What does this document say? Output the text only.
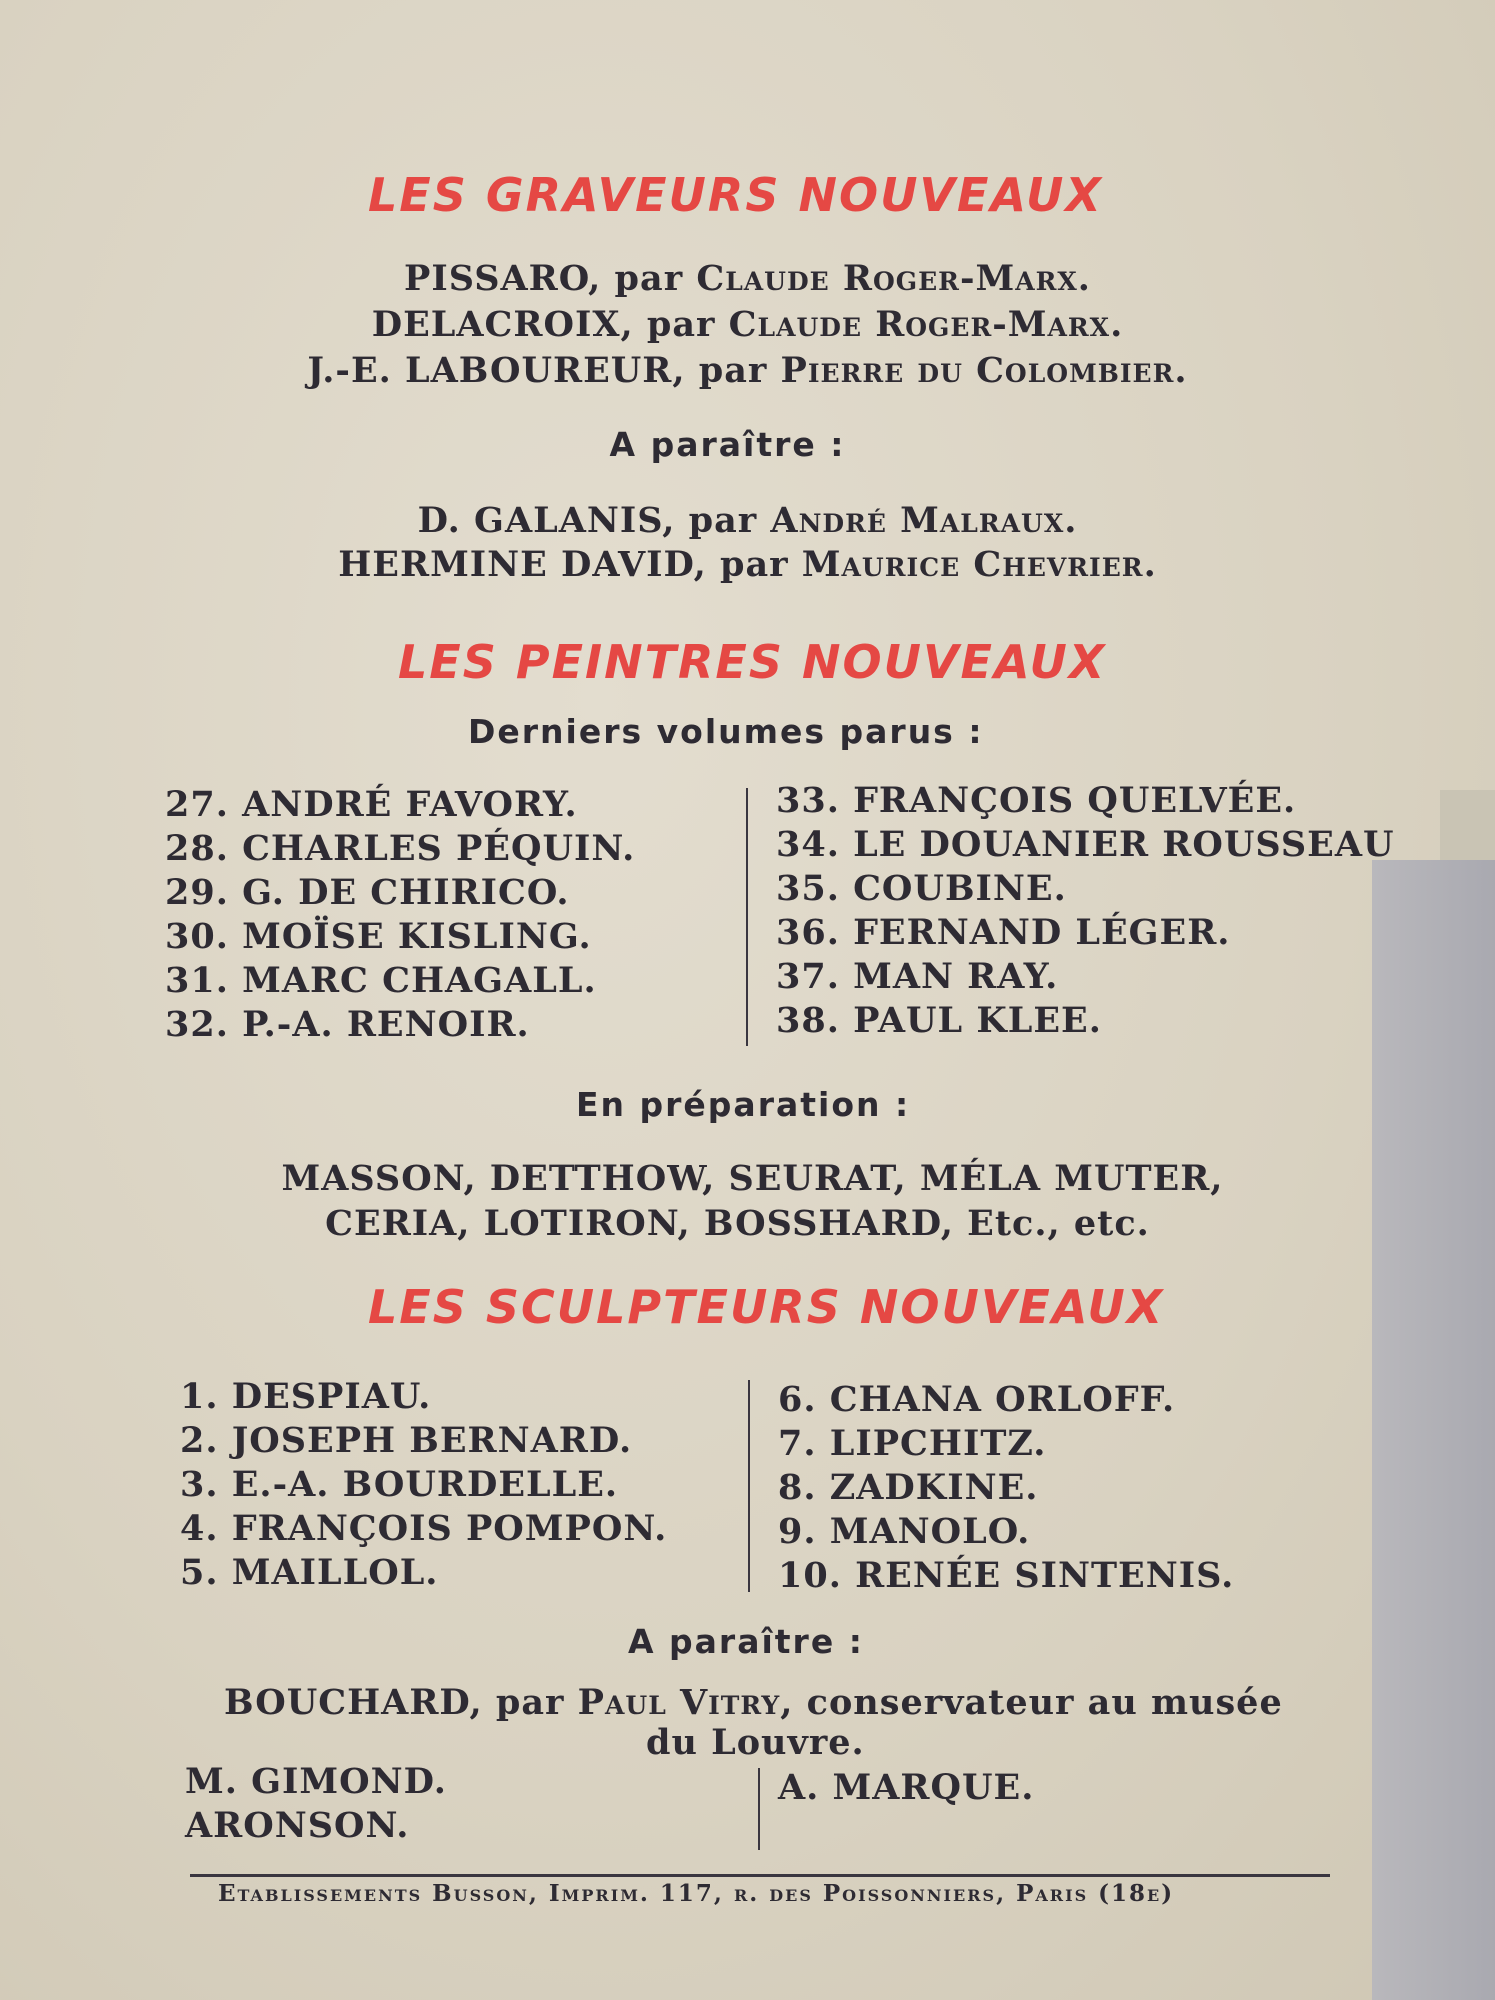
LES GRAVEURS NOUVEAUX
PISSARO, par Claude Roger-Marx.
DELACROIX, par Claude Roger-Marx.
J.-E. LABOUREUR, par Pierre du Colombier.
A paraître :
D. GALANIS, par André Malraux.
HERMINE DAVID, par Maurice Chevrier.
LES PEINTRES NOUVEAUX
Derniers volumes parus :
27. ANDRÉ FAVORY.
28. CHARLES PÉQUIN.
29. G. DE CHIRICO.
30. MOÏSE KISLING.
31. MARC CHAGALL.
32. P.-A. RENOIR.
33. FRANÇOIS QUELVÉE.
34. LE DOUANIER ROUSSEAU
35. COUBINE.
36. FERNAND LÉGER.
37. MAN RAY.
38. PAUL KLEE.
En préparation :
MASSON, DETTHOW, SEURAT, MÉLA MUTER,
CERIA, LOTIRON, BOSSHARD, Etc., etc.
LES SCULPTEURS NOUVEAUX
1. DESPIAU.
2. JOSEPH BERNARD.
3. E.-A. BOURDELLE.
4. FRANÇOIS POMPON.
5. MAILLOL.
6. CHANA ORLOFF.
7. LIPCHITZ.
8. ZADKINE.
9. MANOLO.
10. RENÉE SINTENIS.
A paraître :
BOUCHARD, par Paul Vitry, conservateur au musée
du Louvre.
M. GIMOND.
ARONSON.
A. MARQUE.
Etablissements Busson, Imprim. 117, r. des Poissonniers, Paris (18e)
